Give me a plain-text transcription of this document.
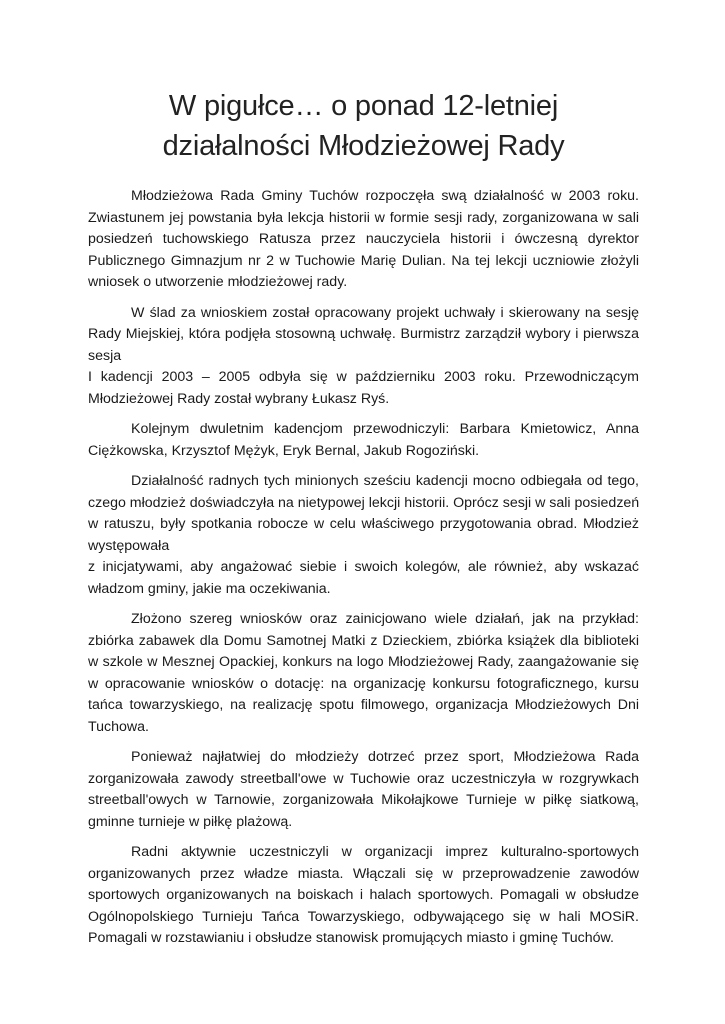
W pigułce… o ponad 12-letniej
działalności Młodzieżowej Rady
Młodzieżowa Rada Gminy Tuchów rozpoczęła swą działalność w 2003 roku.
Zwiastunem jej powstania była lekcja historii w formie sesji rady, zorganizowana w sali
posiedzeń tuchowskiego Ratusza przez nauczyciela historii i ówczesną dyrektor
Publicznego Gimnazjum nr 2 w Tuchowie Marię Dulian. Na tej lekcji uczniowie złożyli
wniosek o utworzenie młodzieżowej rady.
W ślad za wnioskiem został opracowany projekt uchwały i skierowany na sesję
Rady Miejskiej, która podjęła stosowną uchwałę. Burmistrz zarządził wybory i pierwsza
sesja
I kadencji 2003 – 2005 odbyła się w październiku 2003 roku. Przewodniczącym
Młodzieżowej Rady został wybrany Łukasz Ryś.
Kolejnym dwuletnim kadencjom przewodniczyli: Barbara Kmietowicz, Anna
Ciężkowska, Krzysztof Mężyk, Eryk Bernal, Jakub Rogoziński.
Działalność radnych tych minionych sześciu kadencji mocno odbiegała od tego,
czego młodzież doświadczyła na nietypowej lekcji historii. Oprócz sesji w sali posiedzeń
w ratuszu, były spotkania robocze w celu właściwego przygotowania obrad. Młodzież
występowała
z inicjatywami, aby angażować siebie i swoich kolegów, ale również, aby wskazać
władzom gminy, jakie ma oczekiwania.
Złożono szereg wniosków oraz zainicjowano wiele działań, jak na przykład:
zbiórka zabawek dla Domu Samotnej Matki z Dzieckiem, zbiórka książek dla biblioteki
w szkole w Mesznej Opackiej, konkurs na logo Młodzieżowej Rady, zaangażowanie się
w opracowanie wniosków o dotację: na organizację konkursu fotograficznego, kursu
tańca towarzyskiego, na realizację spotu filmowego, organizacja Młodzieżowych Dni
Tuchowa.
Ponieważ najłatwiej do młodzieży dotrzeć przez sport, Młodzieżowa Rada
zorganizowała zawody streetball'owe w Tuchowie oraz uczestniczyła w rozgrywkach
streetball'owych w Tarnowie, zorganizowała Mikołajkowe Turnieje w piłkę siatkową,
gminne turnieje w piłkę plażową.
Radni aktywnie uczestniczyli w organizacji imprez kulturalno-sportowych
organizowanych przez władze miasta. Włączali się w przeprowadzenie zawodów
sportowych organizowanych na boiskach i halach sportowych. Pomagali w obsłudze
Ogólnopolskiego Turnieju Tańca Towarzyskiego, odbywającego się w hali MOSiR.
Pomagali w rozstawianiu i obsłudze stanowisk promujących miasto i gminę Tuchów.
